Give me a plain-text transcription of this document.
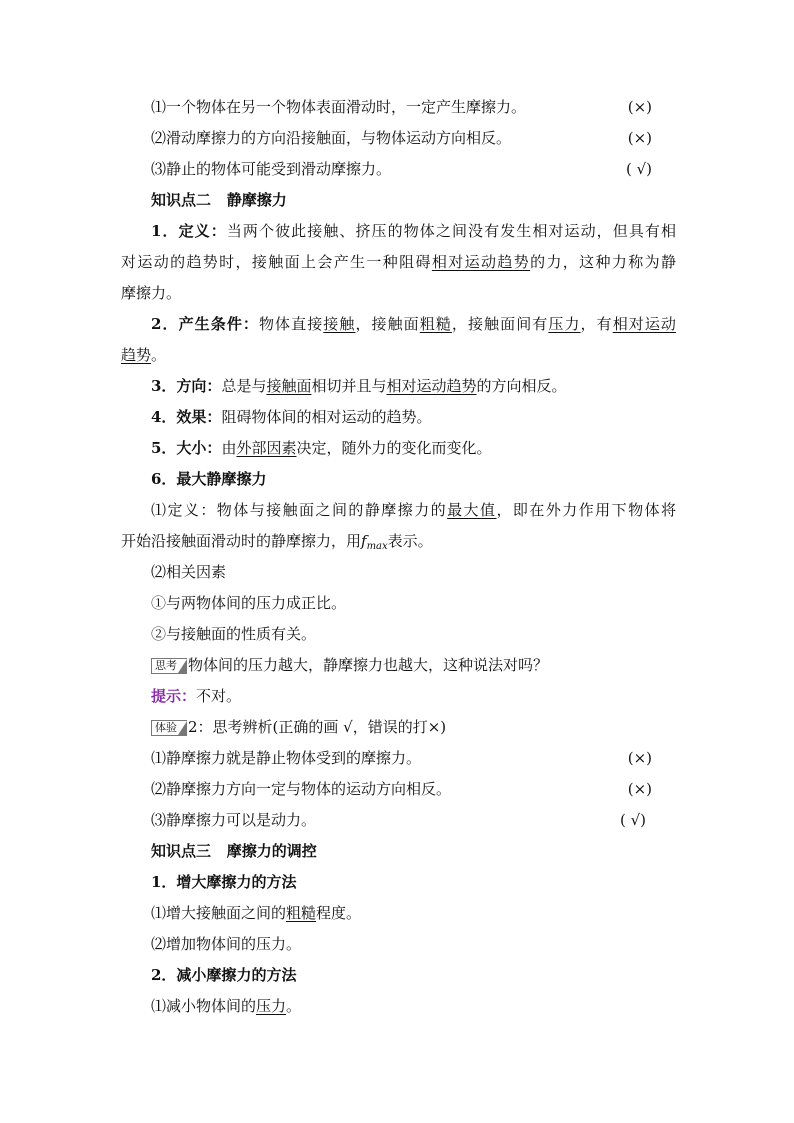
⑴一个物体在另一个物体表面滑动时，一定产生摩擦力。	(×)
⑵滑动摩擦力的方向沿接触面，与物体运动方向相反。	(×)
⑶静止的物体可能受到滑动摩擦力。	( √)
知识点二 静摩擦力
1．定义：当两个彼此接触、挤压的物体之间没有发生相对运动，但具有相
对运动的趋势时，接触面上会产生一种阻碍相对运动趋势的力，这种力称为静
摩擦力。
2．产生条件：物体直接接触，接触面粗糙，接触面间有压力，有相对运动
趋势。
3．方向：总是与接触面相切并且与相对运动趋势的方向相反。
4．效果：阻碍物体间的相对运动的趋势。
5．大小：由外部因素决定，随外力的变化而变化。
6．最大静摩擦力
⑴定义：物体与接触面之间的静摩擦力的最大值，即在外力作用下物体将
开始沿接触面滑动时的静摩擦力，用$f_{max}$表示。
⑵相关因素
①与两物体间的压力成正比。
②与接触面的性质有关。
思考 物体间的压力越大，静摩擦力也越大，这种说法对吗？
提示：不对。
体验 2：思考辨析(正确的画 √，错误的打×)
⑴静摩擦力就是静止物体受到的摩擦力。	(×)
⑵静摩擦力方向一定与物体的运动方向相反。	(×)
⑶静摩擦力可以是动力。	( √)
知识点三 摩擦力的调控
1．增大摩擦力的方法
⑴增大接触面之间的粗糙程度。
⑵增加物体间的压力。
2．减小摩擦力的方法
⑴减小物体间的压力。
